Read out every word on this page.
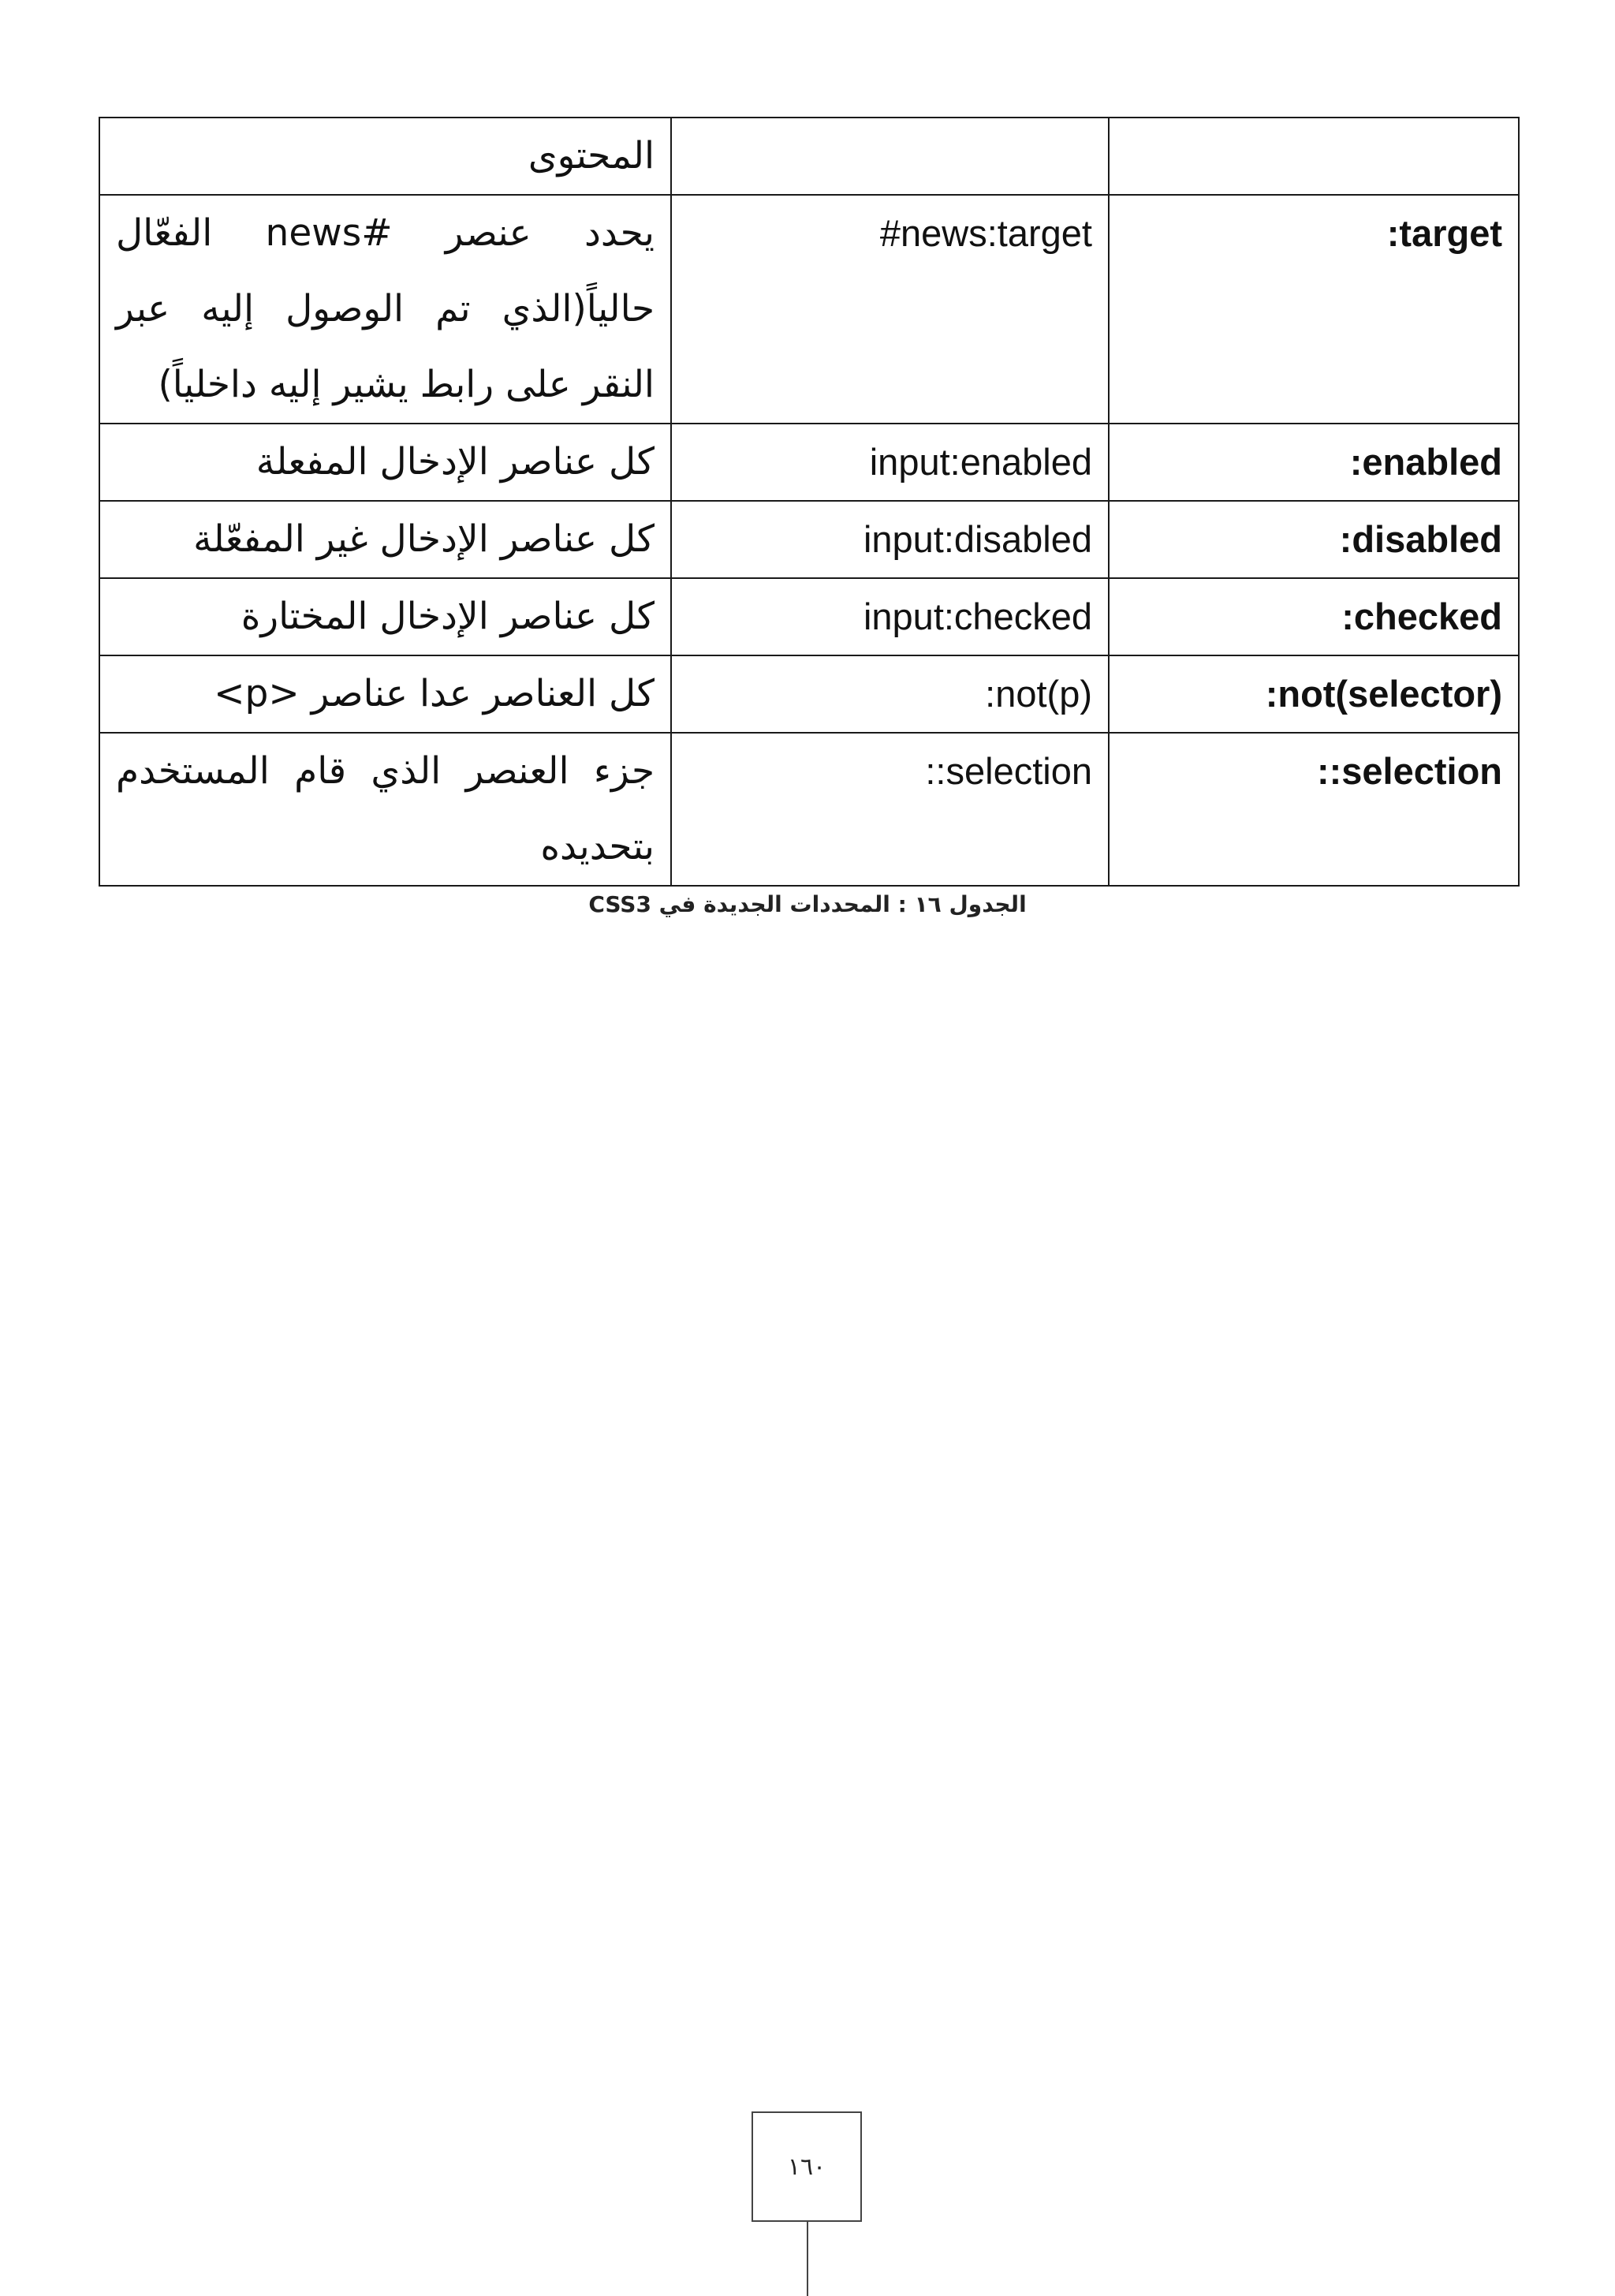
		المحتوى
:target	#news:target	يحدد عنصر #news الفعّال حالياً(الذي تم الوصول إليه عبر النقر على رابط يشير إليه داخلياً)
:enabled	input:enabled	كل عناصر الإدخال المفعلة
:disabled	input:disabled	كل عناصر الإدخال غير المفعّلة
:checked	input:checked	كل عناصر الإدخال المختارة
:not(selector)	:not(p)	كل العناصر عدا عناصر <p>
::selection	::selection	جزء العنصر الذي قام المستخدم بتحديده
الجدول ١٦ : المحددات الجديدة في CSS3
١٦٠
